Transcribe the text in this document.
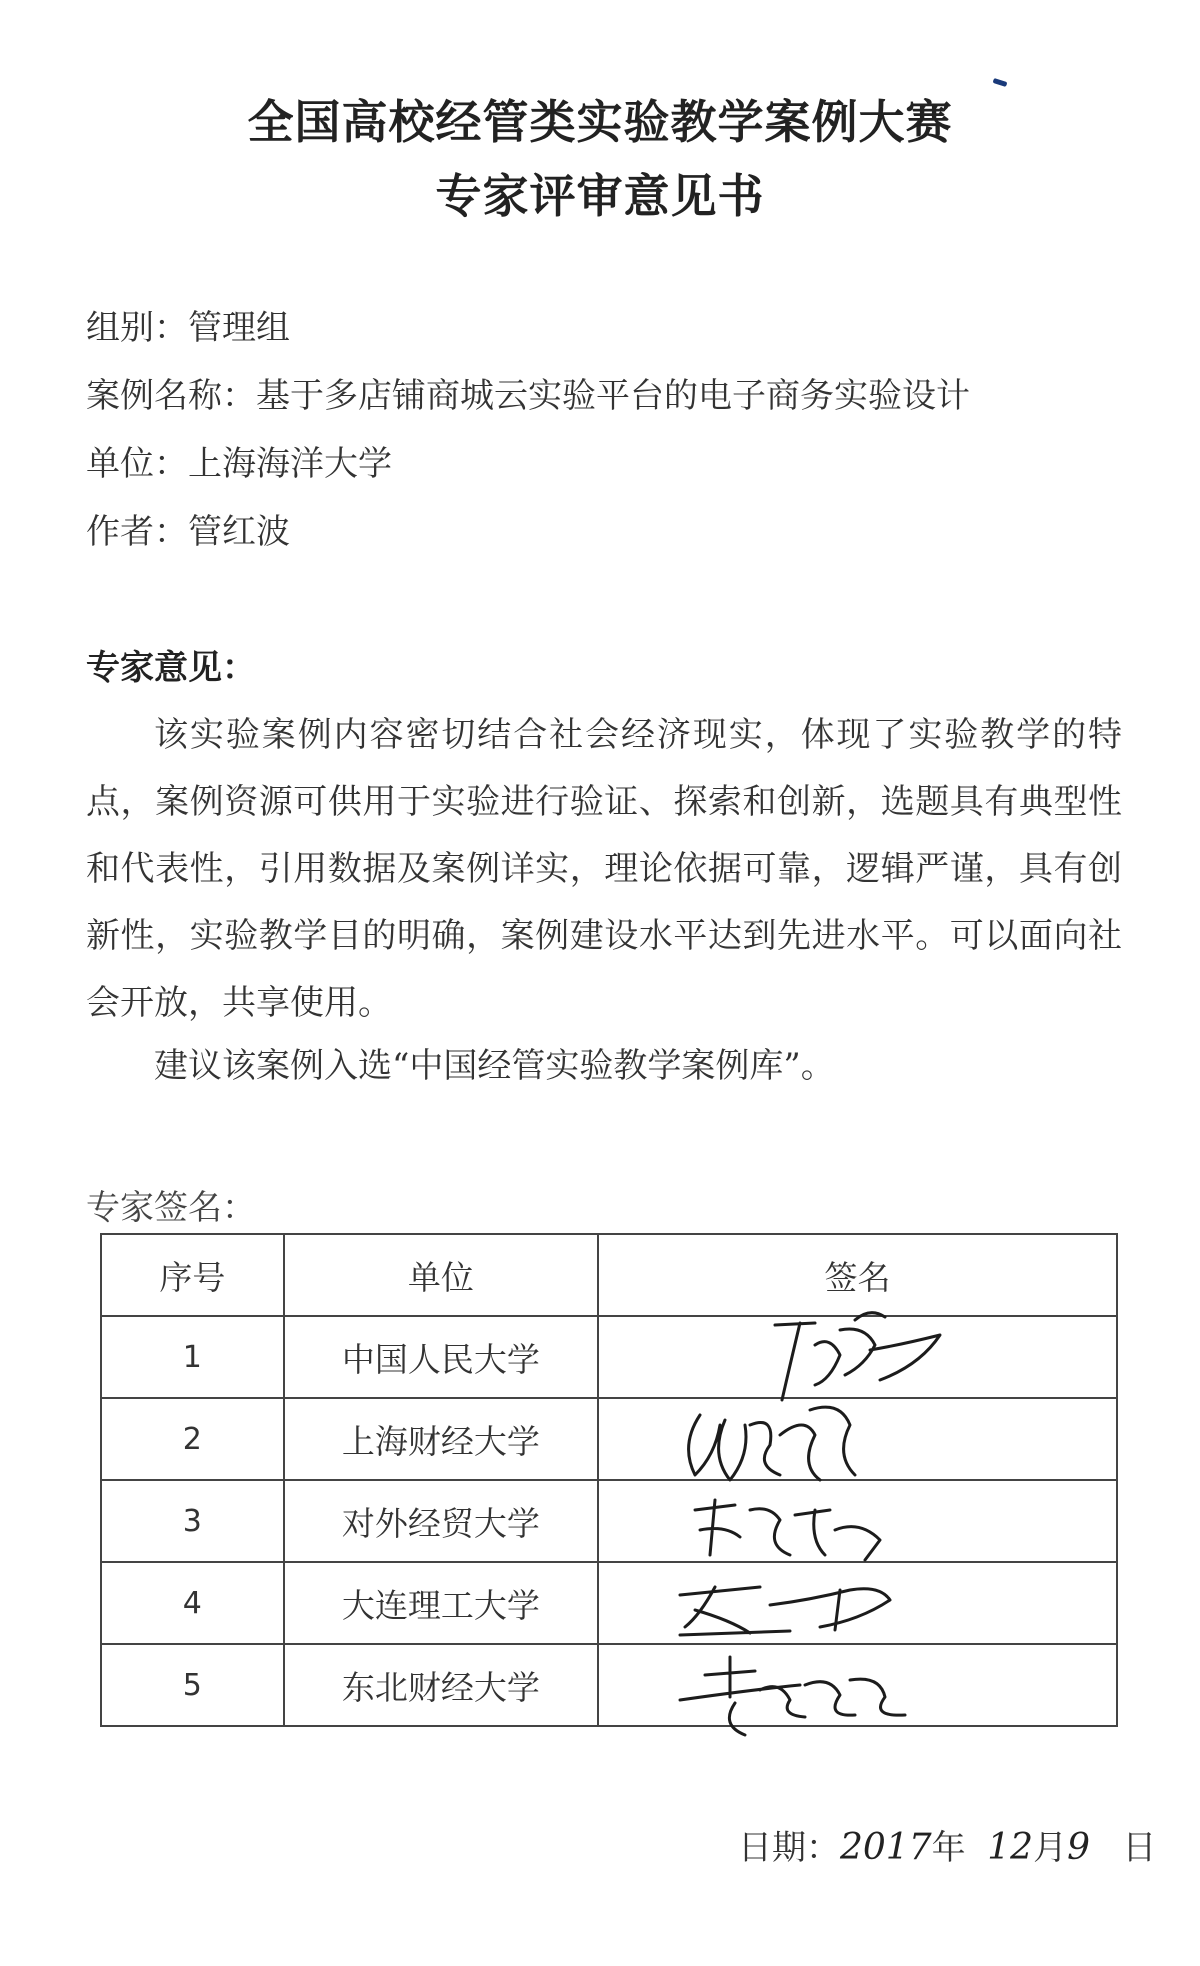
全国高校经管类实验教学案例大赛
专家评审意见书
组别：管理组
案例名称：基于多店铺商城云实验平台的电子商务实验设计
单位：上海海洋大学
作者：管红波
专家意见：
该实验案例内容密切结合社会经济现实，体现了实验教学的特点，案例资源可供用于实验进行验证、探索和创新，选题具有典型性和代表性，引用数据及案例详实，理论依据可靠，逻辑严谨，具有创新性，实验教学目的明确，案例建设水平达到先进水平。可以面向社会开放，共享使用。
建议该案例入选“中国经管实验教学案例库”。
专家签名：
序号	单位	签名
1	中国人民大学	
2	上海财经大学	
3	对外经贸大学	
4	大连理工大学	
5	东北财经大学	
日期：2017年 12月9 日
